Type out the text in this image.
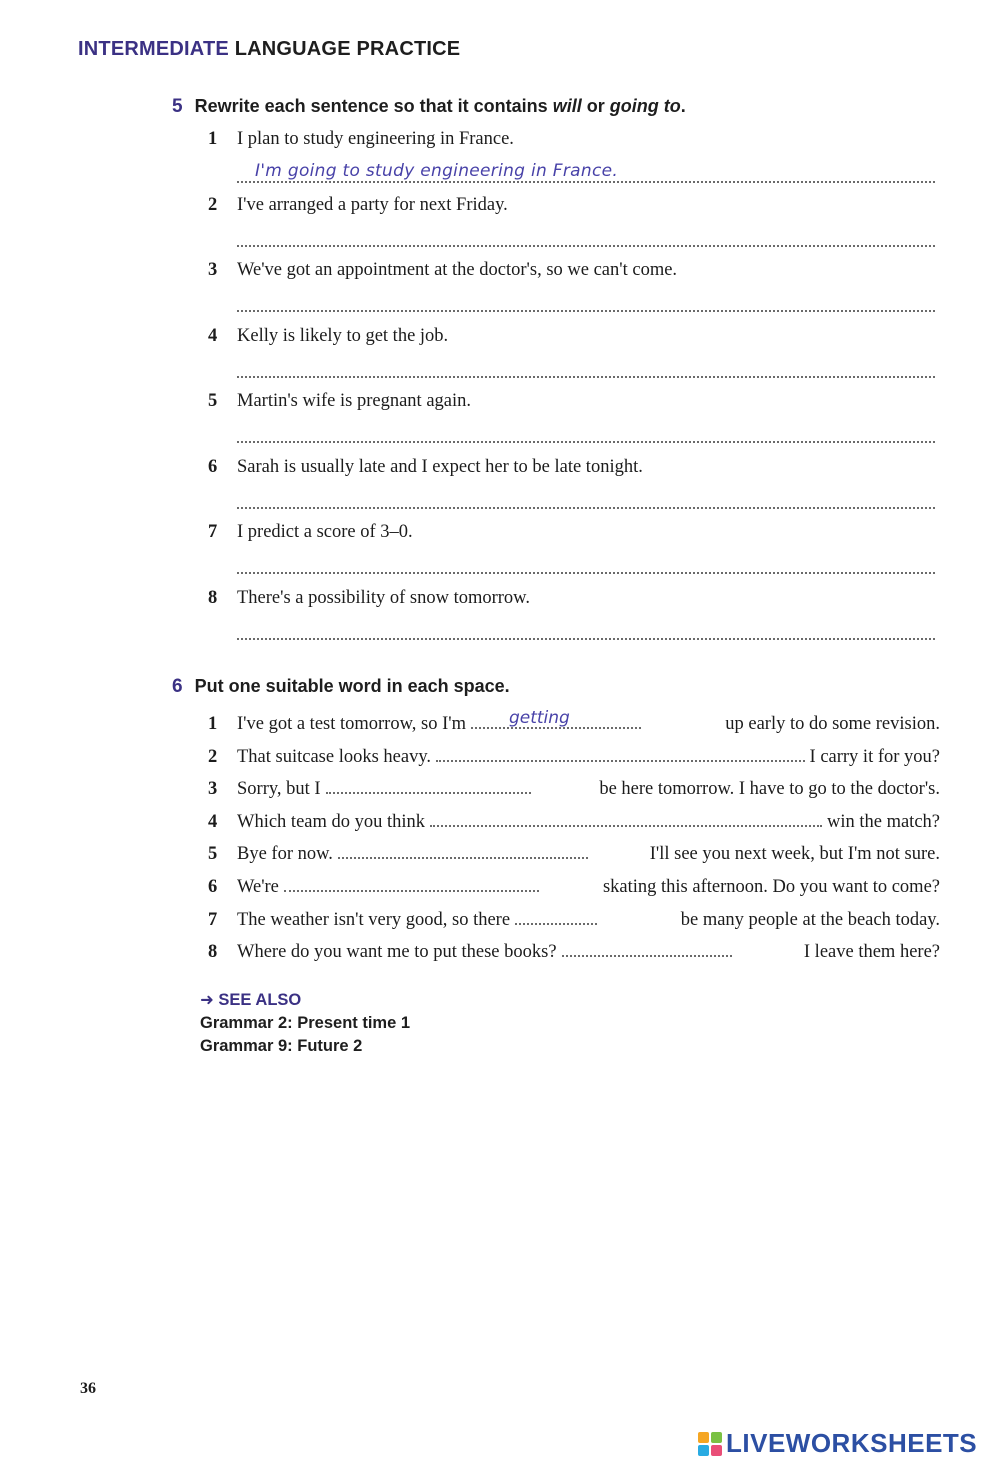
INTERMEDIATE LANGUAGE PRACTICE
5 Rewrite each sentence so that it contains will or going to.
1 I plan to study engineering in France.
I'm going to study engineering in France.
2 I've arranged a party for next Friday.
3 We've got an appointment at the doctor's, so we can't come.
4 Kelly is likely to get the job.
5 Martin's wife is pregnant again.
6 Sarah is usually late and I expect her to be late tonight.
7 I predict a score of 3–0.
8 There's a possibility of snow tomorrow.
6 Put one suitable word in each space.
1	I've got a test tomorrow, so I'm	getting	up early to do some revision.
2	That suitcase looks heavy.	I carry it for you?
3	Sorry, but I	be here tomorrow. I have to go to the doctor's.
4	Which team do you think	win the match?
5	Bye for now.	I'll see you next week, but I'm not sure.
6	We're	skating this afternoon. Do you want to come?
7	The weather isn't very good, so there	be many people at the beach today.
8	Where do you want me to put these books?	I leave them here?
➜ SEE ALSO
Grammar 2: Present time 1
Grammar 9: Future 2
36
LIVEWORKSHEETS
